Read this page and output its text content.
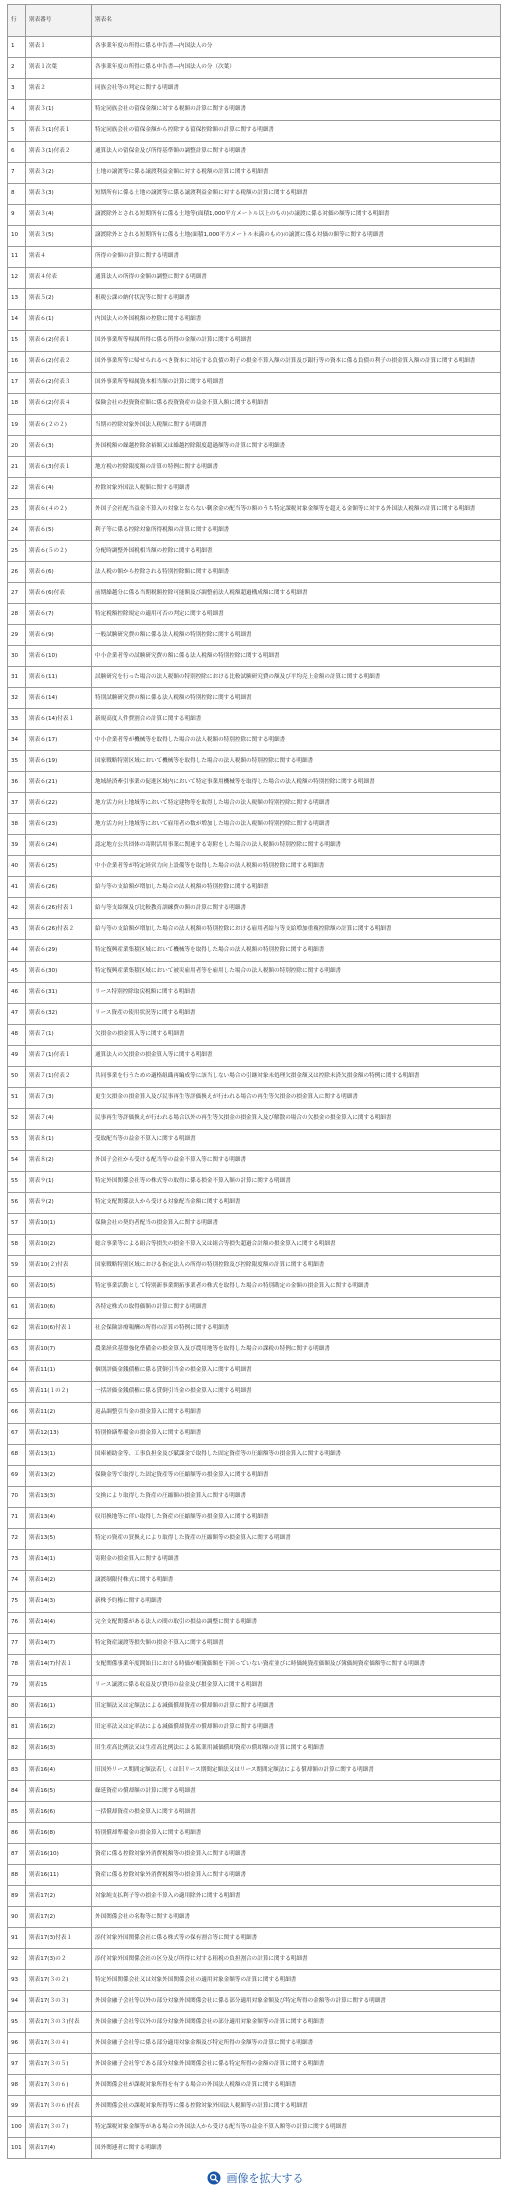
行	別表番号	別表名
1	別表１	各事業年度の所得に係る申告書―内国法人の分
2	別表１次葉	各事業年度の所得に係る申告書―内国法人の分（次葉）
3	別表２	同族会社等の判定に関する明細書
4	別表３(1)	特定同族会社の留保金額に対する税額の計算に関する明細書
5	別表３(1)付表１	特定同族会社の留保金額から控除する留保控除額の計算に関する明細書
6	別表３(1)付表２	通算法人の留保金及び所得基準額の調整計算に関する明細書
7	別表３(2)	土地の譲渡等に係る譲渡利益金額に対する税額の計算に関する明細書
8	別表３(3)	短期所有に係る土地の譲渡等に係る譲渡利益金額に対する税額の計算に関する明細書
9	別表３(4)	譲渡除外とされる短期所有に係る土地等(面積1,000平方メートル以上のもの)の譲渡に係る対価の額等に関する明細書
10	別表３(5)	譲渡除外とされる短期所有に係る土地(面積1,000平方メートル未満のもの)の譲渡に係る対価の額等に関する明細書
11	別表４	所得の金額の計算に関する明細書
12	別表４付表	通算法人の所得の金額の調整に関する明細書
13	別表５(2)	租税公課の納付状況等に関する明細書
14	別表６(1)	内国法人の外国税額の控除に関する明細書
15	別表６(2)付表１	国外事業所等帰属所得に係る所得の金額の計算に関する明細書
16	別表６(2)付表２	国外事業所等に帰せられるべき資本に対応する負債の利子の損金不算入額の計算及び銀行等の資本に係る負債の利子の損金算入額の計算に関する明細書
17	別表６(2)付表３	国外事業所等帰属資本相当額の計算に関する明細書
18	別表６(2)付表４	保険会社の投資資産額に係る投資資産の益金不算入額に関する明細書
19	別表６(２の２)	当期の控除対象外国法人税額に関する明細書
20	別表６(3)	外国税額の繰越控除余裕額又は繰越控除限度超過額等の計算に関する明細書
21	別表６(3)付表１	地方税の控除限度額の計算の特例に関する明細書
22	別表６(4)	控除対象外国法人税額に関する明細書
23	別表６(４の２)	外国子会社配当益金不算入の対象とならない剰余金の配当等の額のうち特定課税対象金額等を超える金額等に対する外国法人税額の計算に関する明細書
24	別表６(5)	利子等に係る控除対象所得税額の計算に関する明細書
25	別表６(５の２)	分配時調整外国税相当額の控除に関する明細書
26	別表６(6)	法人税の額から控除される特別控除額に関する明細書
27	別表６(6)付表	前期繰越分に係る当期税額控除可能額及び調整前法人税額超過構成額に関する明細書
28	別表６(7)	特定税額控除規定の適用可否の判定に関する明細書
29	別表６(9)	一般試験研究費の額に係る法人税額の特別控除に関する明細書
30	別表６(10)	中小企業者等の試験研究費の額に係る法人税額の特別控除に関する明細書
31	別表６(11)	試験研究を行った場合の法人税額の特別控除における比較試験研究費の額及び平均売上金額の計算に関する明細書
32	別表６(14)	特別試験研究費の額に係る法人税額の特別控除に関する明細書
33	別表６(14)付表１	新規高度人件費割合の計算に関する明細書
34	別表６(17)	中小企業者等が機械等を取得した場合の法人税額の特別控除に関する明細書
35	別表６(19)	国家戦略特別区域において機械等を取得した場合の法人税額の特別控除に関する明細書
36	別表６(21)	地域経済牽引事業の促進区域内において特定事業用機械等を取得した場合の法人税額の特別控除に関する明細書
37	別表６(22)	地方活力向上地域等において特定建物等を取得した場合の法人税額の特別控除に関する明細書
38	別表６(23)	地方活力向上地域等において雇用者の数が増加した場合の法人税額の特別控除に関する明細書
39	別表６(24)	認定地方公共団体の寄附活用事業に関連する寄附をした場合の法人税額の特別控除に関する明細書
40	別表６(25)	中小企業者等が特定経営力向上設備等を取得した場合の法人税額の特別控除に関する明細書
41	別表６(26)	給与等の支給額が増加した場合の法人税額の特別控除に関する明細書
42	別表６(26)付表１	給与等支給額及び比較教育訓練費の額の計算に関する明細書
43	別表６(26)付表２	給与等の支給額が増加した場合の法人税額の特別控除における雇用者給与等支給増加重複控除額の計算に関する明細書
44	別表６(29)	特定復興産業集積区域において機械等を取得した場合の法人税額の特別控除に関する明細書
45	別表６(30)	特定復興産業集積区域において被災雇用者等を雇用した場合の法人税額の特別控除に関する明細書
46	別表６(31)	リース特別控除取戻税額に関する明細書
47	別表６(32)	リース資産の使用状況等に関する明細書
48	別表７(1)	欠損金の損金算入等に関する明細書
49	別表７(1)付表１	通算法人の欠損金の損金算入等に関する明細書
50	別表７(1)付表２	共同事業を行うための適格組織再編成等に該当しない場合の引継対象未処理欠損金額又は控除未済欠損金額の特例に関する明細書
51	別表７(3)	更生欠損金の損金算入及び民事再生等評価換えが行われる場合の再生等欠損金の損金算入に関する明細書
52	別表７(4)	民事再生等評価換えが行われる場合以外の再生等欠損金の損金算入及び解散の場合の欠損金の損金算入に関する明細書
53	別表８(1)	受取配当等の益金不算入に関する明細書
54	別表８(2)	外国子会社から受ける配当等の益金不算入等に関する明細書
55	別表９(1)	特定外国関係会社等の株式等の取得に係る損金不算入額の計算に関する明細書
56	別表９(2)	特定支配関係法人から受ける対象配当金額に関する明細書
57	別表10(1)	保険会社の契約者配当の損金算入に関する明細書
58	別表10(2)	総合事業等による組合等損失の損金不算入又は組合等損失超過合計額の損金算入に関する明細書
59	別表10(２)付表	国家戦略特別区域における指定法人の所得の特別控除及び控除限度額の計算に関する明細書
60	別表10(5)	特定事業活動として特別新事業開拓事業者の株式を取得した場合の特別勘定の金額の損金算入に関する明細書
61	別表10(6)	各特定株式の取得価額の計算に関する明細書
62	別表10(6)付表１	社会保険診療報酬の所得の計算の特例に関する明細書
63	別表10(7)	農業経営基盤強化準備金の損金算入及び農用地等を取得した場合の課税の特例に関する明細書
64	別表11(1)	個別評価金銭債権に係る貸倒引当金の損金算入に関する明細書
65	別表11(１の２)	一括評価金銭債権に係る貸倒引当金の損金算入に関する明細書
66	別表11(2)	返品調整引当金の損金算入に関する明細書
67	別表12(13)	特別修繕準備金の損金算入に関する明細書
68	別表13(1)	国庫補助金等、工事負担金及び賦課金で取得した固定資産等の圧縮額等の損金算入に関する明細書
69	別表13(2)	保険金等で取得した固定資産等の圧縮額等の損金算入に関する明細書
70	別表13(3)	交換により取得した資産の圧縮額の損金算入に関する明細書
71	別表13(4)	収用換地等に伴い取得した資産の圧縮額等の損金算入に関する明細書
72	別表13(5)	特定の資産の買換えにより取得した資産の圧縮額等の損金算入に関する明細書
73	別表14(1)	寄附金の損金算入に関する明細書
74	別表14(2)	譲渡制限付株式に関する明細書
75	別表14(3)	新株予約権に関する明細書
76	別表14(4)	完全支配関係がある法人の間の取引の損益の調整に関する明細書
77	別表14(7)	特定資産譲渡等損失額の損金不算入に関する明細書
78	別表14(7)付表１	支配関係事業年度開始日における時価が帳簿価額を下回っていない資産並びに時価純資産価額及び簿価純資産価額等に関する明細書
79	別表15	リース譲渡に係る収益及び費用の益金及び損金算入に関する明細書
80	別表16(1)	旧定額法又は定額法による減価償却資産の償却額の計算に関する明細書
81	別表16(2)	旧定率法又は定率法による減価償却資産の償却額の計算に関する明細書
82	別表16(3)	旧生産高比例法又は生産高比例法による鉱業用減価償却資産の償却額の計算に関する明細書
83	別表16(4)	旧国外リース期間定額法若しくは旧リース期間定額法又はリース期間定額法による償却額の計算に関する明細書
84	別表16(5)	繰延資産の償却額の計算に関する明細書
85	別表16(6)	一括償却資産の損金算入に関する明細書
86	別表16(8)	特別償却準備金の損金算入に関する明細書
87	別表16(10)	資産に係る控除対象外消費税額等の損金算入に関する明細書
88	別表16(11)	資産に係る控除対象外消費税額等の損金算入に関する明細書
89	別表17(2)	対象純支払利子等の損金不算入の適用除外に関する明細書
90	別表17(2)	外国関係会社の名称等に関する明細書
91	別表17(3)付表１	添付対象外国関係会社に係る株式等の保有割合等に関する明細書
92	別表17(3)の２	添付対象外国関係会社の区分及び所得に対する租税の負担割合の計算に関する明細書
93	別表17(３の２)	特定外国関係会社又は対象外国関係会社の適用対象金額等の計算に関する明細書
94	別表17(３の３)	外国金融子会社等以外の部分対象外国関係会社に係る部分適用対象金額及び特定所得の金額等の計算に関する明細書
95	別表17(３の３)付表	外国金融子会社等以外の部分対象外国関係会社の部分適用対象金額等の計算に関する明細書
96	別表17(３の４)	外国金融子会社等に係る部分適用対象金額及び特定所得の金額等の計算に関する明細書
97	別表17(３の５)	外国金融子会社等である部分対象外国関係会社に係る特定所得の金額の計算に関する明細書
98	別表17(３の６)	外国関係会社が課税対象所得を有する場合の外国法人税額の計算に関する明細書
99	別表17(３の６)付表	外国関係会社の課税対象所得等に係る控除対象外国法人税額等の計算に関する明細書
100	別表17(３の７)	特定課税対象金額等がある場合の外国法人から受ける配当等の益金不算入額等の計算に関する明細書
101	別表17(4)	国外関連者に関する明細書
画像を拡大する
